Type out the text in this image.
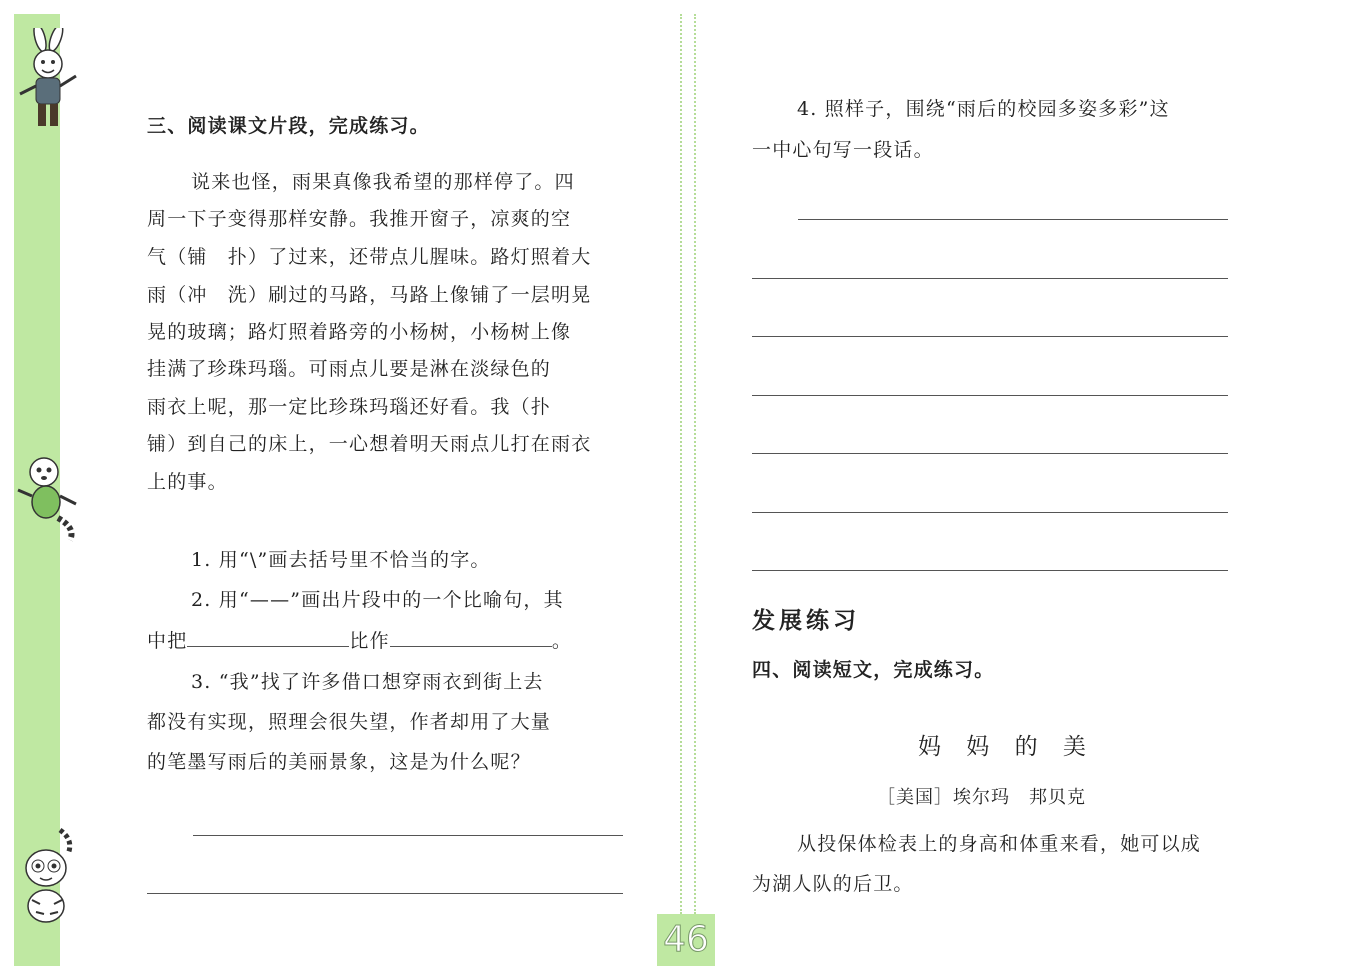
46
三、阅读课文片段，完成练习。
说来也怪，雨果真像我希望的那样停了。四
周一下子变得那样安静。我推开窗子，凉爽的空
气（铺　扑）了过来，还带点儿腥味。路灯照着大
雨（冲　洗）刷过的马路，马路上像铺了一层明晃
晃的玻璃；路灯照着路旁的小杨树，小杨树上像
挂满了珍珠玛瑙。可雨点儿要是淋在淡绿色的
雨衣上呢，那一定比珍珠玛瑙还好看。我（扑
铺）到自己的床上，一心想着明天雨点儿打在雨衣
上的事。
1. 用“\”画去括号里不恰当的字。
2. 用“——”画出片段中的一个比喻句，其
中把	比作	。
3. “我”找了许多借口想穿雨衣到街上去
都没有实现，照理会很失望，作者却用了大量
的笔墨写雨后的美丽景象，这是为什么呢？
4. 照样子，围绕“雨后的校园多姿多彩”这
一中心句写一段话。
发展练习
四、阅读短文，完成练习。
妈 妈 的 美
［美国］埃尔玛　邦贝克
从投保体检表上的身高和体重来看，她可以成
为湖人队的后卫。
